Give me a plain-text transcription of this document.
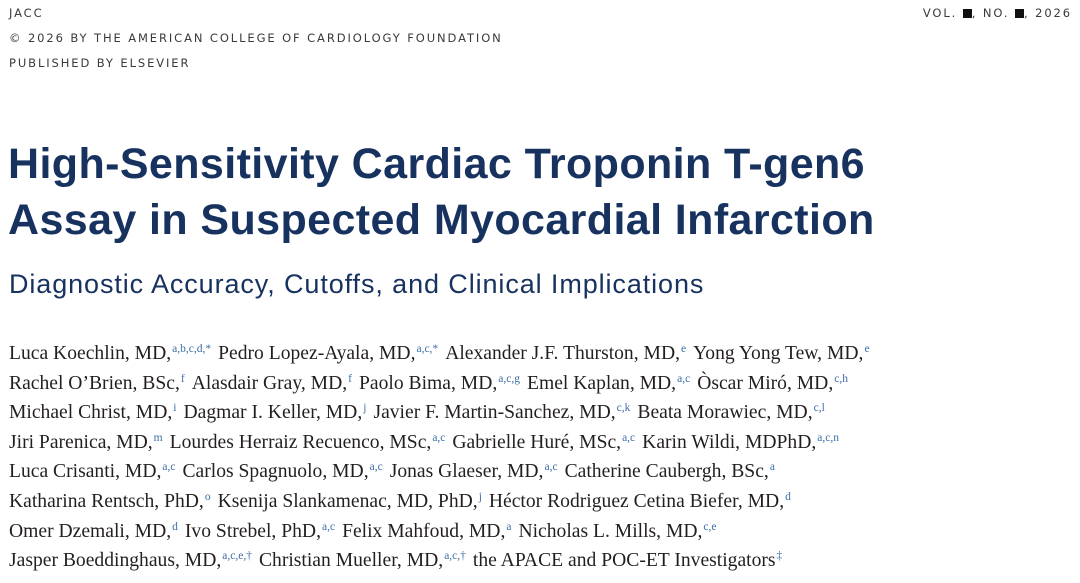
JACC
© 2026 BY THE AMERICAN COLLEGE OF CARDIOLOGY FOUNDATION
PUBLISHED BY ELSEVIER
VOL. , NO. , 2026
High-Sensitivity Cardiac Troponin T-gen6
Assay in Suspected Myocardial Infarction
Diagnostic Accuracy, Cutoffs, and Clinical Implications
Luca Koechlin, MD,$^{a,b,c,d,*}$ Pedro Lopez-Ayala, MD,$^{a,c,*}$ Alexander J.F. Thurston, MD,$^e$ Yong Yong Tew, MD,$^e$
Rachel O’Brien, BSc,$^f$ Alasdair Gray, MD,$^f$ Paolo Bima, MD,$^{a,c,g}$ Emel Kaplan, MD,$^{a,c}$ Òscar Miró, MD,$^{c,h}$
Michael Christ, MD,$^i$ Dagmar I. Keller, MD,$^j$ Javier F. Martin-Sanchez, MD,$^{c,k}$ Beata Morawiec, MD,$^{c,l}$
Jiri Parenica, MD,$^m$ Lourdes Herraiz Recuenco, MSc,$^{a,c}$ Gabrielle Huré, MSc,$^{a,c}$ Karin Wildi, MDPhD,$^{a,c,n}$
Luca Crisanti, MD,$^{a,c}$ Carlos Spagnuolo, MD,$^{a,c}$ Jonas Glaeser, MD,$^{a,c}$ Catherine Caubergh, BSc,$^a$
Katharina Rentsch, PhD,$^o$ Ksenija Slankamenac, MD, PhD,$^j$ Héctor Rodriguez Cetina Biefer, MD,$^d$
Omer Dzemali, MD,$^d$ Ivo Strebel, PhD,$^{a,c}$ Felix Mahfoud, MD,$^a$ Nicholas L. Mills, MD,$^{c,e}$
Jasper Boeddinghaus, MD,$^{a,c,e,\dagger}$ Christian Mueller, MD,$^{a,c,\dagger}$ the APACE and POC-ET Investigators‡
